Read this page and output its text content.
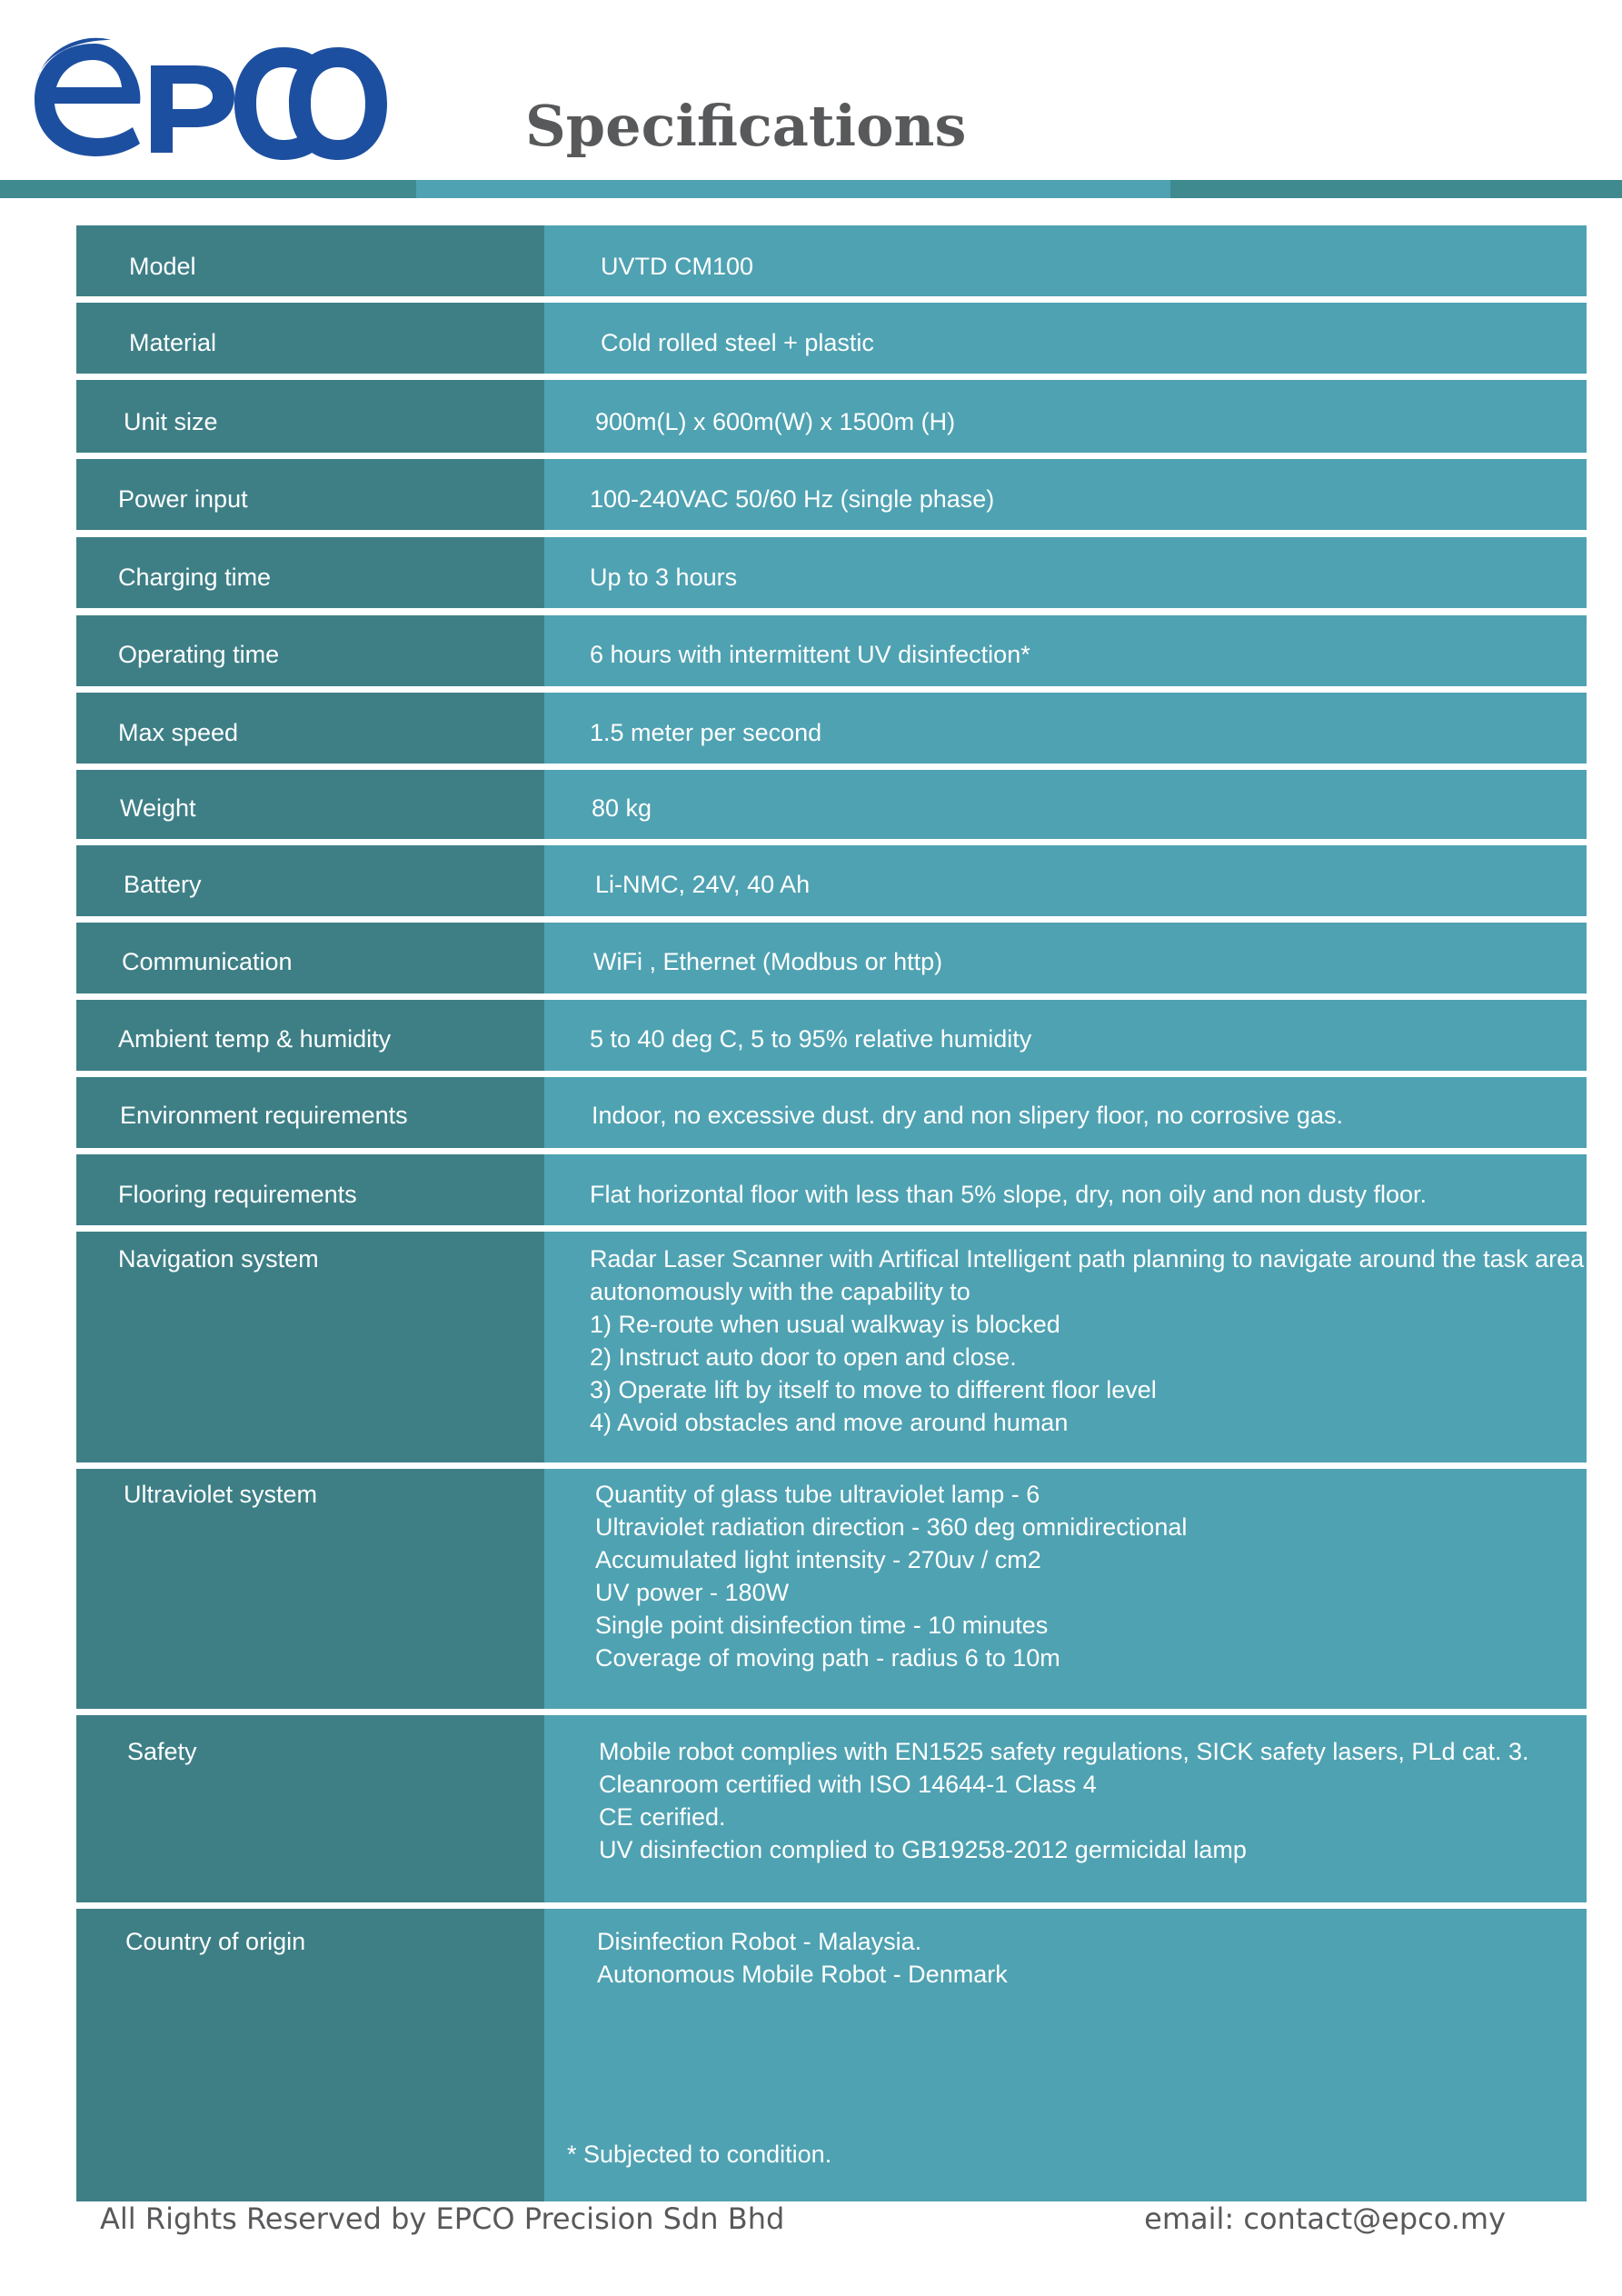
Specifications
Model	UVTD CM100
Material	Cold rolled steel + plastic
Unit size	900m(L) x 600m(W) x 1500m (H)
Power input	100-240VAC 50/60 Hz (single phase)
Charging time	Up to 3 hours
Operating time	6 hours with intermittent UV disinfection*
Max speed	1.5 meter per second
Weight	80 kg
Battery	Li-NMC, 24V, 40 Ah
Communication	WiFi , Ethernet (Modbus or http)
Ambient temp & humidity	5 to 40 deg C, 5 to 95% relative humidity
Environment requirements	Indoor, no excessive dust. dry and non slipery floor, no corrosive gas.
Flooring requirements	Flat horizontal floor with less than 5% slope, dry, non oily and non dusty floor.
Navigation system	Radar Laser Scanner with Artifical Intelligent path planning to navigate around the task area
autonomously with the capability to
1) Re-route when usual walkway is blocked
2) Instruct auto door to open and close.
3) Operate lift by itself to move to different floor level
4) Avoid obstacles and move around human
Ultraviolet system	Quantity of glass tube ultraviolet lamp - 6
Ultraviolet radiation direction - 360 deg omnidirectional
Accumulated light intensity - 270uv / cm2
UV power - 180W
Single point disinfection time - 10 minutes
Coverage of moving path - radius 6 to 10m
Safety	Mobile robot complies with EN1525 safety regulations, SICK safety lasers, PLd cat. 3.
Cleanroom certified with ISO 14644-1 Class 4
CE cerified.
UV disinfection complied to GB19258-2012 germicidal lamp
Country of origin	Disinfection Robot - Malaysia.
Autonomous Mobile Robot - Denmark
* Subjected to condition.
All Rights Reserved by EPCO Precision Sdn Bhd	email: contact@epco.my
